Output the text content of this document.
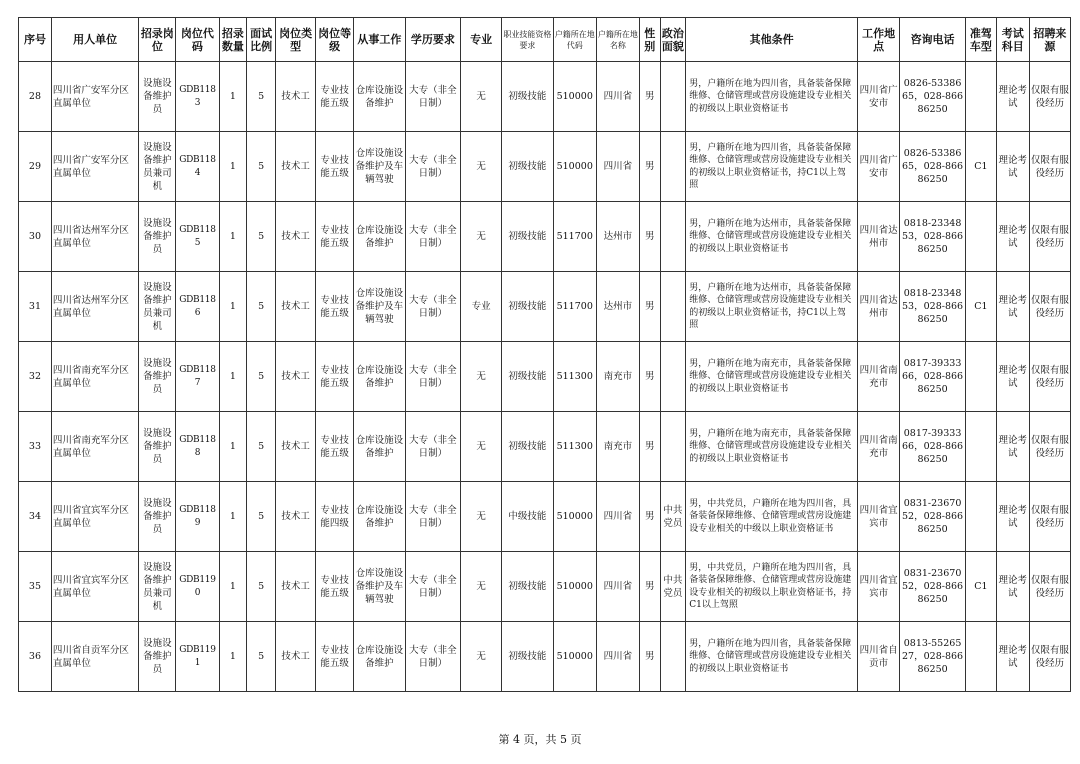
序号	用人单位	招录岗位	岗位代码	招录数量	面试比例	岗位类型	岗位等级	从事工作	学历要求	专业	职业技能资格要求	户籍所在地代码	户籍所在地名称	性别	政治面貌	其他条件	工作地点	咨询电话	准驾车型	考试科目	招聘来源
28	四川省广安军分区直属单位	设施设备维护员	GDB1183	1	5	技术工	专业技能五级	仓库设施设备维护	大专（非全日制）	无	初级技能	510000	四川省	男		男，户籍所在地为四川省，具备装备保障维修、仓储管理或营房设施建设专业相关的初级以上职业资格证书	四川省广安市	0826-5338665，028-86686250		理论考试	仅限有服役经历
29	四川省广安军分区直属单位	设施设备维护员兼司机	GDB1184	1	5	技术工	专业技能五级	仓库设施设备维护及车辆驾驶	大专（非全日制）	无	初级技能	510000	四川省	男		男，户籍所在地为四川省，具备装备保障维修、仓储管理或营房设施建设专业相关的初级以上职业资格证书，持C1以上驾照	四川省广安市	0826-5338665，028-86686250	C1	理论考试	仅限有服役经历
30	四川省达州军分区直属单位	设施设备维护员	GDB1185	1	5	技术工	专业技能五级	仓库设施设备维护	大专（非全日制）	无	初级技能	511700	达州市	男		男，户籍所在地为达州市，具备装备保障维修、仓储管理或营房设施建设专业相关的初级以上职业资格证书	四川省达州市	0818-2334853，028-86686250		理论考试	仅限有服役经历
31	四川省达州军分区直属单位	设施设备维护员兼司机	GDB1186	1	5	技术工	专业技能五级	仓库设施设备维护及车辆驾驶	大专（非全日制）	专业	初级技能	511700	达州市	男		男，户籍所在地为达州市，具备装备保障维修、仓储管理或营房设施建设专业相关的初级以上职业资格证书，持C1以上驾照	四川省达州市	0818-2334853，028-86686250	C1	理论考试	仅限有服役经历
32	四川省南充军分区直属单位	设施设备维护员	GDB1187	1	5	技术工	专业技能五级	仓库设施设备维护	大专（非全日制）	无	初级技能	511300	南充市	男		男，户籍所在地为南充市，具备装备保障维修、仓储管理或营房设施建设专业相关的初级以上职业资格证书	四川省南充市	0817-3933366，028-86686250		理论考试	仅限有服役经历
33	四川省南充军分区直属单位	设施设备维护员	GDB1188	1	5	技术工	专业技能五级	仓库设施设备维护	大专（非全日制）	无	初级技能	511300	南充市	男		男，户籍所在地为南充市，具备装备保障维修、仓储管理或营房设施建设专业相关的初级以上职业资格证书	四川省南充市	0817-3933366，028-86686250		理论考试	仅限有服役经历
34	四川省宜宾军分区直属单位	设施设备维护员	GDB1189	1	5	技术工	专业技能四级	仓库设施设备维护	大专（非全日制）	无	中级技能	510000	四川省	男	中共党员	男，中共党员，户籍所在地为四川省，具备装备保障维修、仓储管理或营房设施建设专业相关的中级以上职业资格证书	四川省宜宾市	0831-2367052，028-86686250		理论考试	仅限有服役经历
35	四川省宜宾军分区直属单位	设施设备维护员兼司机	GDB1190	1	5	技术工	专业技能五级	仓库设施设备维护及车辆驾驶	大专（非全日制）	无	初级技能	510000	四川省	男	中共党员	男，中共党员，户籍所在地为四川省，具备装备保障维修、仓储管理或营房设施建设专业相关的初级以上职业资格证书，持C1以上驾照	四川省宜宾市	0831-2367052，028-86686250	C1	理论考试	仅限有服役经历
36	四川省自贡军分区直属单位	设施设备维护员	GDB1191	1	5	技术工	专业技能五级	仓库设施设备维护	大专（非全日制）	无	初级技能	510000	四川省	男		男，户籍所在地为四川省，具备装备保障维修、仓储管理或营房设施建设专业相关的初级以上职业资格证书	四川省自贡市	0813-5526527，028-86686250		理论考试	仅限有服役经历
第 4 页，共 5 页
